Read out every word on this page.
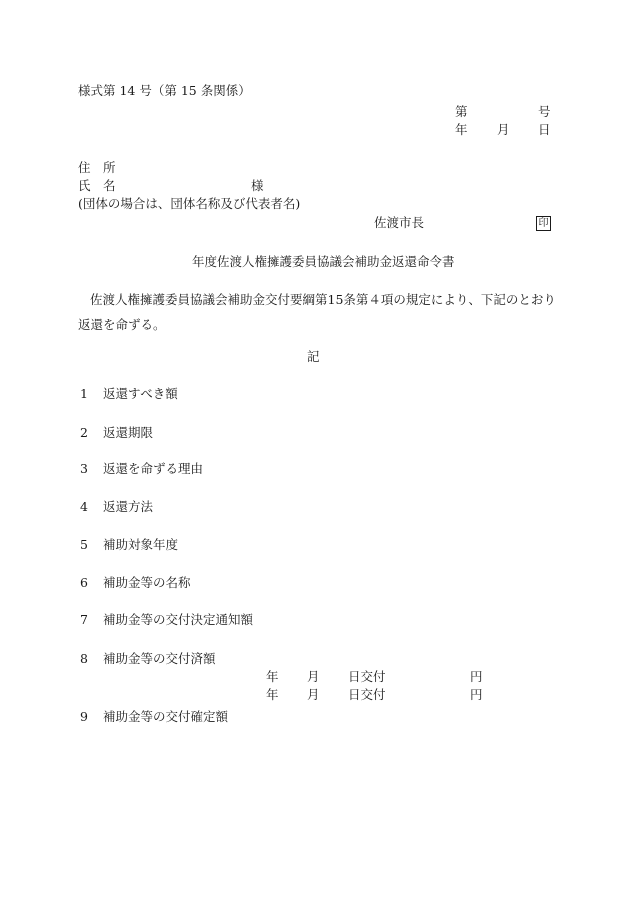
様式第 14 号（第 15 条関係）
第	号
年 月 日
住　所
氏　名	様
(団体の場合は、団体名称及び代表者名)
佐渡市長	印
年度佐渡人権擁護委員協議会補助金返還命令書
佐渡人権擁護委員協議会補助金交付要綱第15条第４項の規定により、下記のとおり返還を命ずる。
記
1 返還すべき額
2 返還期限
3 返還を命ずる理由
4 返還方法
5 補助対象年度
6 補助金等の名称
7 補助金等の交付決定通知額
8 補助金等の交付済額
年 月 日交付	円
年 月 日交付	円
9 補助金等の交付確定額
